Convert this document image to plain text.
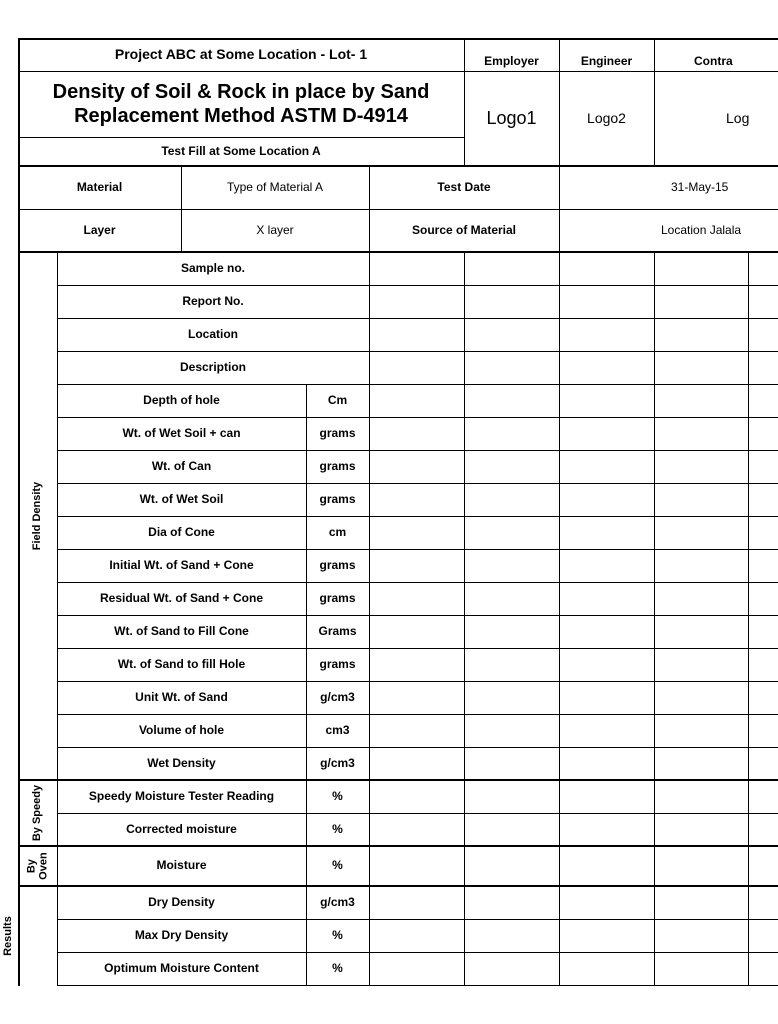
Project ABC at Some Location - Lot- 1	Employer	Engineer	Contra
Density of Soil & Rock in place by Sand
Replacement Method ASTM D-4914
Test Fill at Some Location A
Logo1	Logo2	Log
Material	Type of Material A	Test Date	31-May-15
Layer	X layer	Source of Material	Location Jalala
Field Density
By Speedy
By Oven
Results
Sample no.
Report No.
Location
Description
Depth of hole	Cm
Wt. of Wet Soil + can	grams
Wt. of Can	grams
Wt. of Wet Soil	grams
Dia of Cone	cm
Initial Wt. of Sand + Cone	grams
Residual Wt. of Sand + Cone	grams
Wt. of Sand to Fill Cone	Grams
Wt. of Sand to fill Hole	grams
Unit Wt. of Sand	g/cm3
Volume of hole	cm3
Wet Density	g/cm3
Speedy Moisture Tester Reading	%
Corrected moisture	%
Moisture	%
Dry Density	g/cm3
Max Dry Density	%
Optimum Moisture Content	%
